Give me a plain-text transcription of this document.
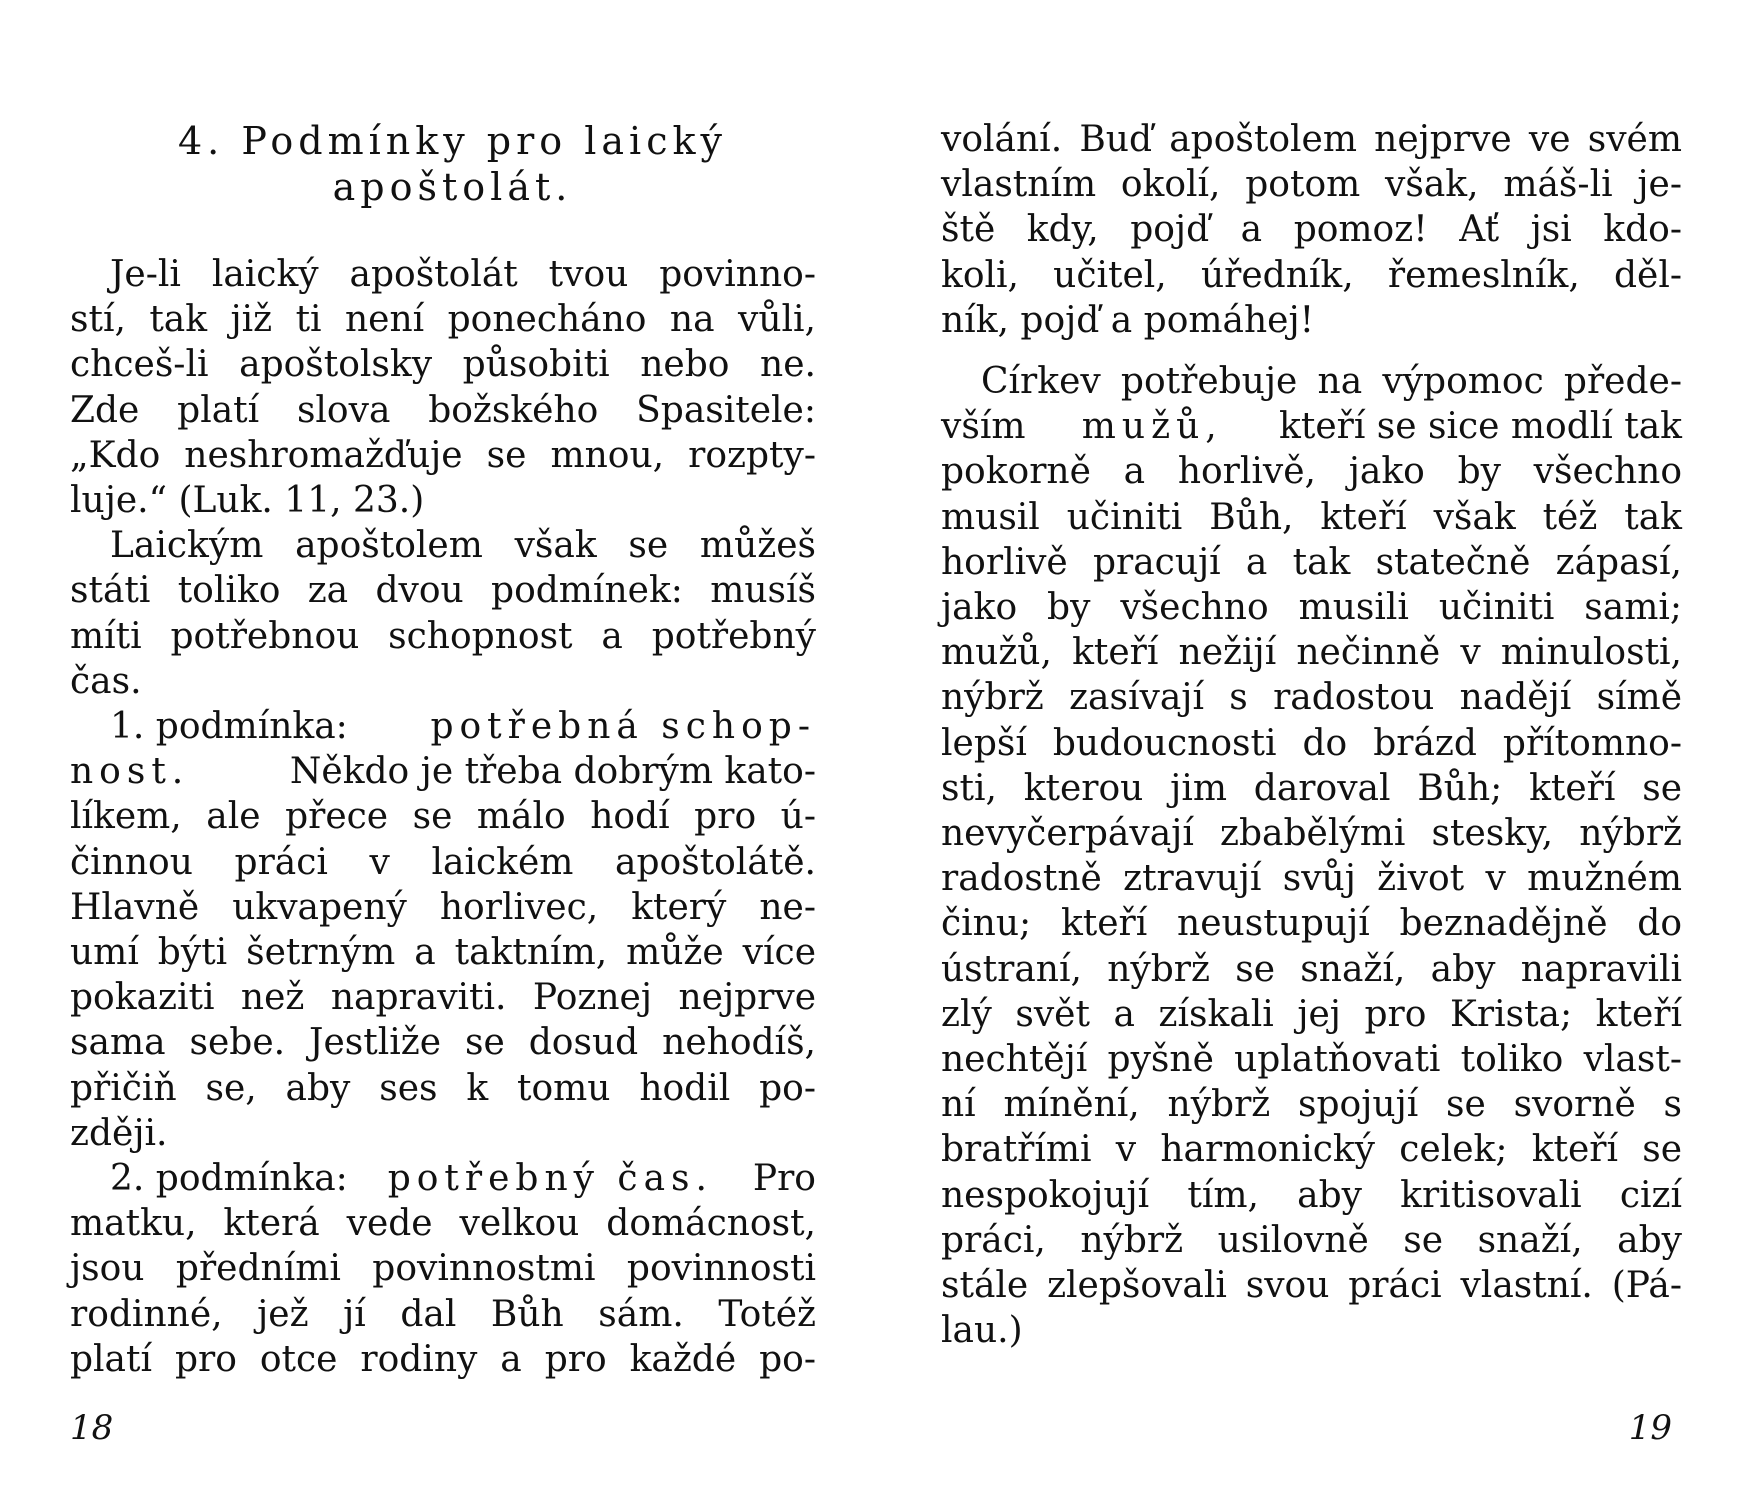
4. Podmínky pro laický
apoštolát.
Je-li laický apoštolát tvou povinno-
stí, tak již ti není ponecháno na vůli,
chceš-li apoštolsky působiti nebo ne.
Zde platí slova božského Spasitele:
„Kdo neshromažďuje se mnou, rozpty-
luje.“ (Luk. 11, 23.)
Laickým apoštolem však se můžeš
státi toliko za dvou podmínek: musíš
míti potřebnou schopnost a potřebný
čas.
1. podmínka: potřebná schop-
nost.	Někdo je třeba dobrým kato-
líkem, ale přece se málo hodí pro ú-
činnou práci v laickém apoštolátě.
Hlavně ukvapený horlivec, který ne-
umí býti šetrným a taktním, může více
pokaziti než napraviti. Poznej nejprve
sama sebe. Jestliže se dosud nehodíš,
přičiň se, aby ses k tomu hodil po-
zději.
2. podmínka: potřebný čas. Pro
matku, která vede velkou domácnost,
jsou předními povinnostmi povinnosti
rodinné, jež jí dal Bůh sám. Totéž
platí pro otce rodiny a pro každé po-
18
volání. Buď apoštolem nejprve ve svém
vlastním okolí, potom však, máš-li je-
ště kdy, pojď a pomoz! Ať jsi kdo-
koli, učitel, úředník, řemeslník, děl-
ník, pojď a pomáhej!
Církev potřebuje na výpomoc přede-
vším mužů, kteří se sice modlí tak
pokorně a horlivě, jako by všechno
musil učiniti Bůh, kteří však též tak
horlivě pracují a tak statečně zápasí,
jako by všechno musili učiniti sami;
mužů, kteří nežijí nečinně v minulosti,
nýbrž zasívají s radostou nadějí símě
lepší budoucnosti do brázd přítomno-
sti, kterou jim daroval Bůh; kteří se
nevyčerpávají zbabělými stesky, nýbrž
radostně ztravují svůj život v mužném
činu; kteří neustupují beznadějně do
ústraní, nýbrž se snaží, aby napravili
zlý svět a získali jej pro Krista; kteří
nechtějí pyšně uplatňovati toliko vlast-
ní mínění, nýbrž spojují se svorně s
bratřími v harmonický celek; kteří se
nespokojují tím, aby kritisovali cizí
práci, nýbrž usilovně se snaží, aby
stále zlepšovali svou práci vlastní. (Pá-
lau.)
19
